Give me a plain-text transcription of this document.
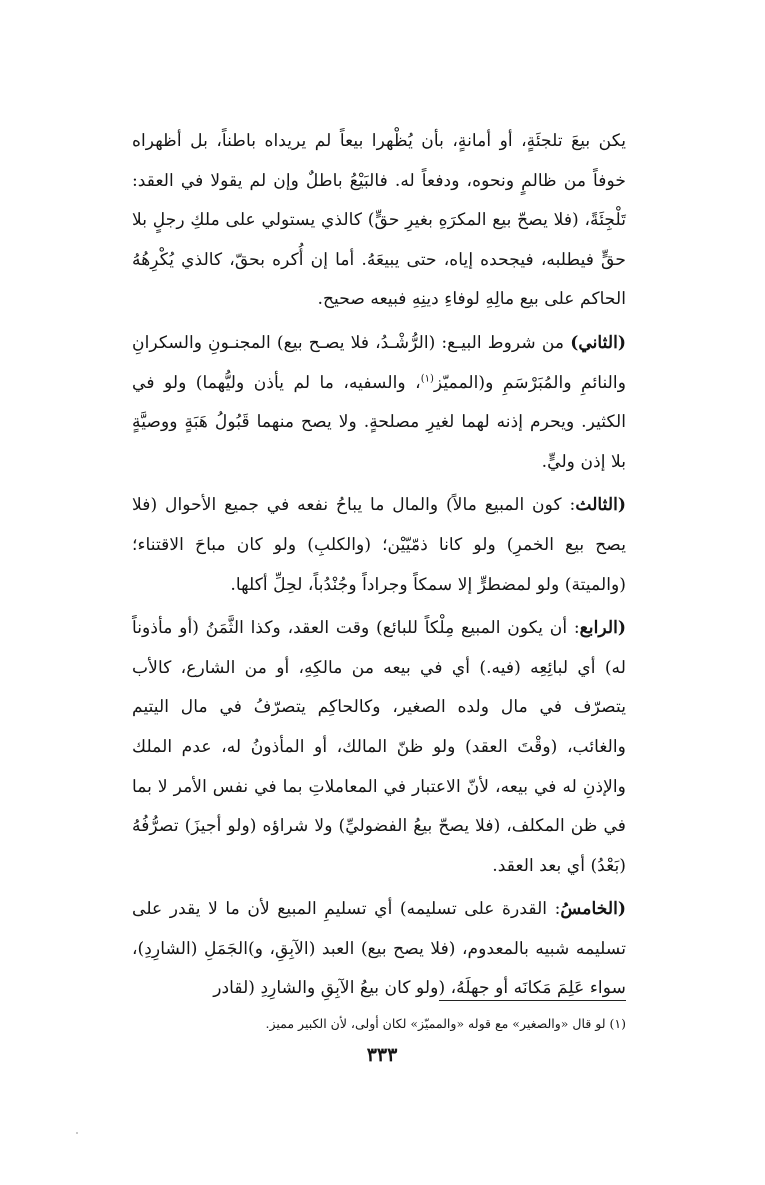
يكن بيعَ تلجئَةٍ، أو أمانةٍ، بأن يُظْهرا بيعاً لم يريداه باطناً، بل أظهراه خوفاً من ظالمٍ ونحوه، ودفعاً له. فالبَيْعُ باطلٌ وإن لم يقولا في العقد: تَلْجِئَةً، (فلا يصحّ بيع المكرَهِ بغيرِ حقٍّ) كالذي يستولي على ملكِ رجلٍ بلا حقٍّ فيطلبه، فيجحده إياه، حتى يبيعَهُ. أما إن أُكره بحقّ، كالذي يُكْرِهُهُ الحاكم على بيع مالِهِ لوفاءِ دينِهِ فبيعه صحيح.

(الثاني) من شروط البيـع: (الرُّشْـدُ، فلا يصـح بيع) المجنـونِ والسكرانِ والنائمِ والمُبَرْسَمِ و(المميّز$^{(١)}$، والسفيه، ما لم يأذن وليُّهما) ولو في الكثير. ويحرم إذنه لهما لغيرِ مصلحةٍ. ولا يصح منهما قَبُولُ هَبَةٍ ووصيَّةٍ بلا إذن وليٍّ.

(الثالث: كون المبيع مالاً) والمال ما يباحُ نفعه في جميع الأحوال (فلا يصح بيع الخمرِ) ولو كانا ذمّيّيْن؛ (والكلبِ) ولو كان مباحَ الاقتناء؛ (والميتة) ولو لمضطرٍّ إلا سمكاً وجراداً وجُنْدُباً، لحِلِّ أكلها.

(الرابع: أن يكون المبيع مِلْكاً للبائع) وقت العقد، وكذا الثَّمَنُ (أو مأذوناً له) أي لبائِعِه (فيه.) أي في بيعه من مالكِهِ، أو من الشارع، كالأب يتصرّف في مال ولده الصغير، وكالحاكِم يتصرّفُ في مال اليتيم والغائب، (وقْتَ العقد) ولو ظنّ المالك، أو المأذونُ له، عدم الملك والإذنِ له في بيعه، لأنّ الاعتبار في المعاملاتِ بما في نفس الأمر لا بما في ظن المكلف، (فلا يصحّ بيعُ الفضوليِّ) ولا شراؤه (ولو أجيزَ) تصرُّفُهُ (بَعْدُ) أي بعد العقد.

(الخامسُ: القدرة على تسليمه) أي تسليمِ المبيع لأن ما لا يقدر على تسليمه شبيه بالمعدوم، (فلا يصح بيع) العبد (الآبِقِ، و)الجَمَلِ (الشارِدِ)، سواء عَلِمَ مَكانَه أو جهلَهُ، (ولو كان بيعُ الآبِقِ والشارِدِ (لقادر

(١) لو قال «والصغير» مع قوله «والمميّز» لكان أولى، لأن الكبير مميز.
٣٣٣
